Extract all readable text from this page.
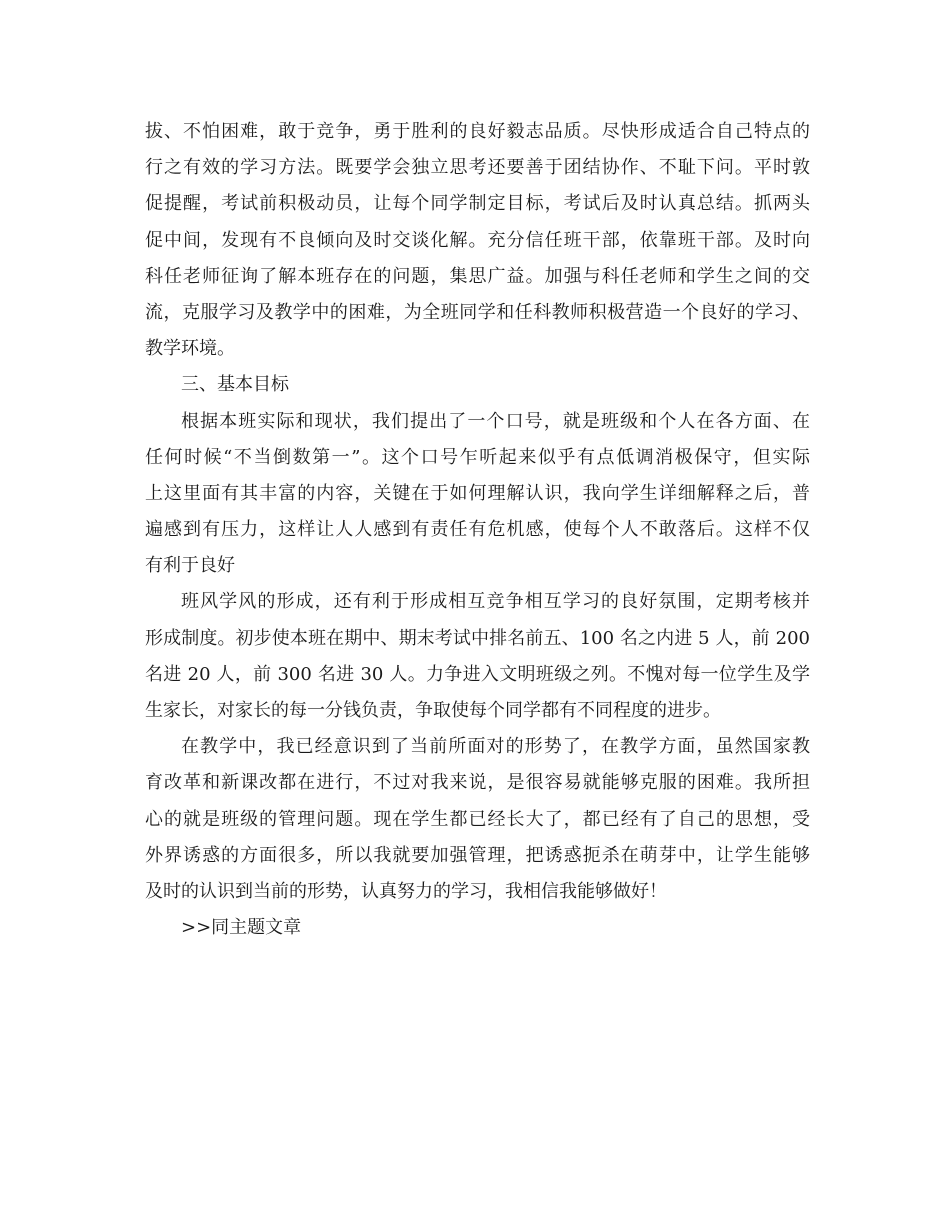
拔、不怕困难，敢于竞争，勇于胜利的良好毅志品质。尽快形成适合自己特点的
行之有效的学习方法。既要学会独立思考还要善于团结协作、不耻下问。平时敦
促提醒，考试前积极动员，让每个同学制定目标，考试后及时认真总结。抓两头
促中间，发现有不良倾向及时交谈化解。充分信任班干部，依靠班干部。及时向
科任老师征询了解本班存在的问题，集思广益。加强与科任老师和学生之间的交
流，克服学习及教学中的困难，为全班同学和任科教师积极营造一个良好的学习、
教学环境。
三、基本目标
根据本班实际和现状，我们提出了一个口号，就是班级和个人在各方面、在
任何时候“不当倒数第一”。这个口号乍听起来似乎有点低调消极保守，但实际
上这里面有其丰富的内容，关键在于如何理解认识，我向学生详细解释之后，普
遍感到有压力，这样让人人感到有责任有危机感，使每个人不敢落后。这样不仅
有利于良好
班风学风的形成，还有利于形成相互竞争相互学习的良好氛围，定期考核并
形成制度。初步使本班在期中、期末考试中排名前五、100 名之内进 5 人，前 200
名进 20 人，前 300 名进 30 人。力争进入文明班级之列。不愧对每一位学生及学
生家长，对家长的每一分钱负责，争取使每个同学都有不同程度的进步。
在教学中，我已经意识到了当前所面对的形势了，在教学方面，虽然国家教
育改革和新课改都在进行，不过对我来说，是很容易就能够克服的困难。我所担
心的就是班级的管理问题。现在学生都已经长大了，都已经有了自己的思想，受
外界诱惑的方面很多，所以我就要加强管理，把诱惑扼杀在萌芽中，让学生能够
及时的认识到当前的形势，认真努力的学习，我相信我能够做好！
>>同主题文章
